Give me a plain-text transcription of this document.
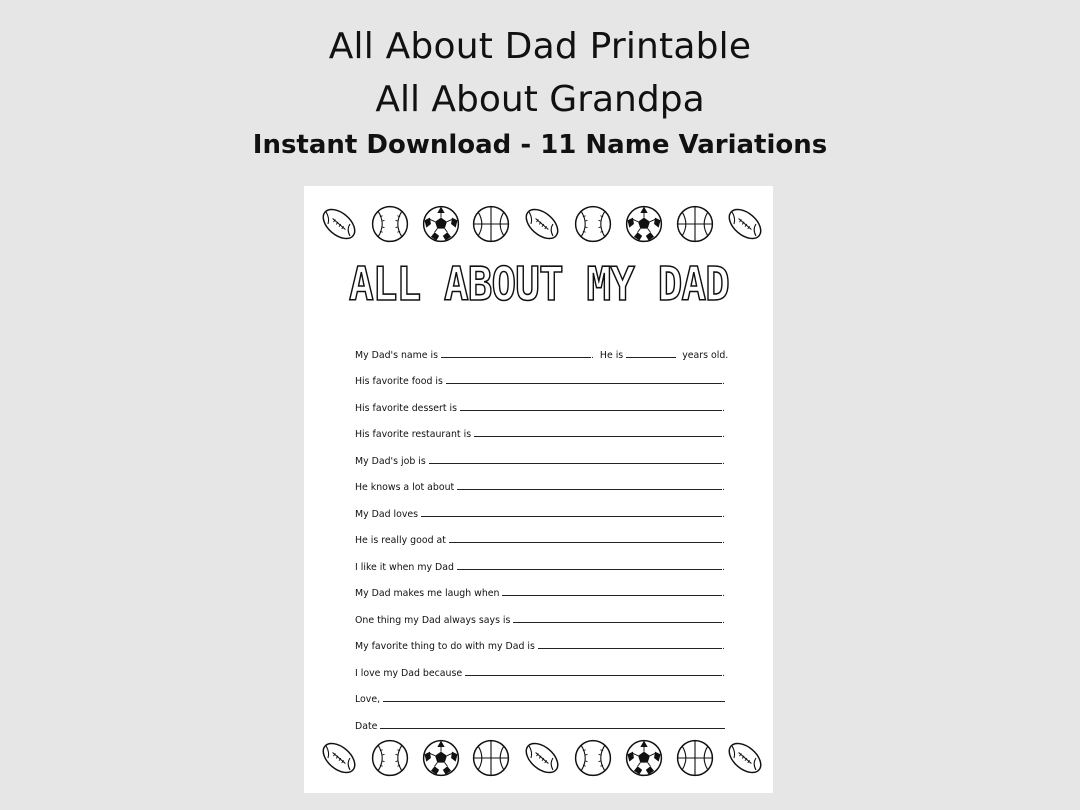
All About Dad Printable
All About Grandpa
Instant Download - 11 Name Variations
ALL ABOUT MY DAD
My Dad's name is	. He is	years old.
His favorite food is	.
His favorite dessert is	.
His favorite restaurant is	.
My Dad's job is	.
He knows a lot about	.
My Dad loves	.
He is really good at	.
I like it when my Dad	.
My Dad makes me laugh when	.
One thing my Dad always says is	.
My favorite thing to do with my Dad is	.
I love my Dad because	.
Love,
Date
